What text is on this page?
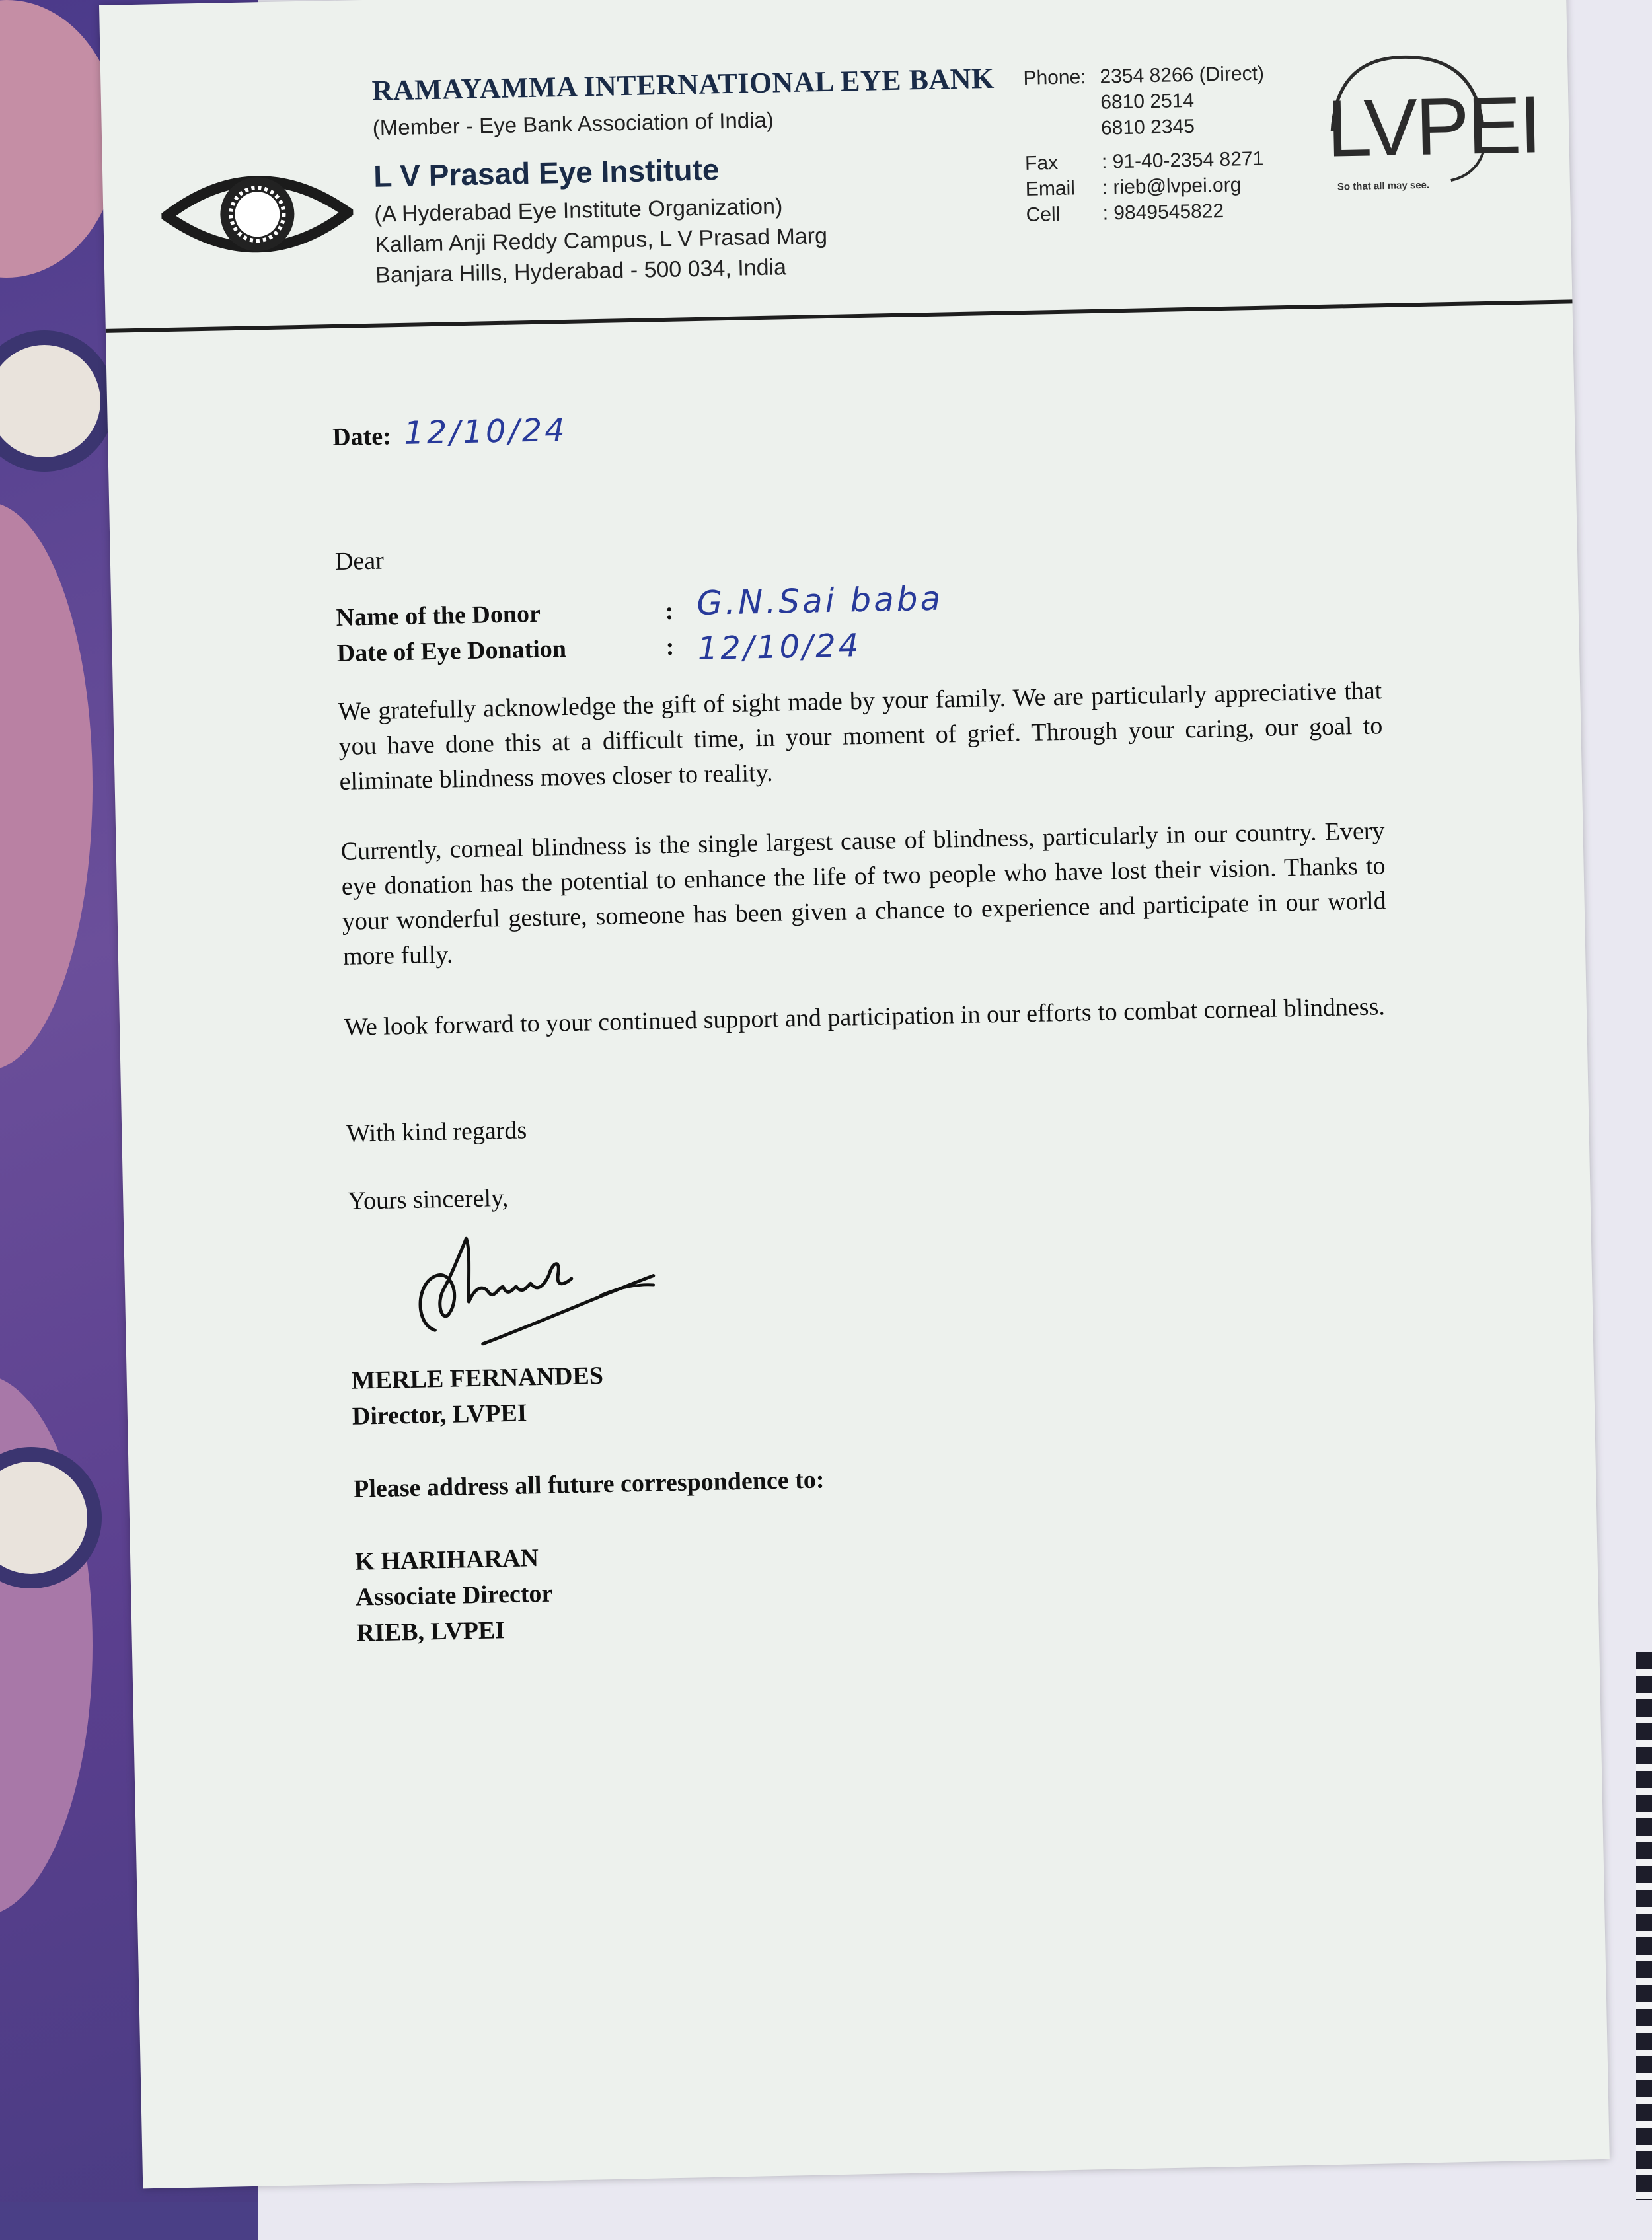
RAMAYAMMA INTERNATIONAL EYE BANK
(Member - Eye Bank Association of India)
L V Prasad Eye Institute
(A Hyderabad Eye Institute Organization)
Kallam Anji Reddy Campus, L V Prasad Marg
Banjara Hills, Hyderabad - 500 034, India
Phone: 2354 8266 (Direct)
6810 2514
6810 2345
Fax	: 91-40-2354 8271
Email	: rieb@lvpei.org
Cell	: 9849545822
LVPEI
So that all may see.
Date: 12/10/24
Dear
Name of the Donor	: G.N.Sai baba
Date of Eye Donation	: 12/10/24
We gratefully acknowledge the gift of sight made by your family. We are particularly appreciative that you have done this at a difficult time, in your moment of grief. Through your caring, our goal to eliminate blindness moves closer to reality.
Currently, corneal blindness is the single largest cause of blindness, particularly in our country. Every eye donation has the potential to enhance the life of two people who have lost their vision. Thanks to your wonderful gesture, someone has been given a chance to experience and participate in our world more fully.
We look forward to your continued support and participation in our efforts to combat corneal blindness.
With kind regards
Yours sincerely,
MERLE FERNANDES
Director, LVPEI
Please address all future correspondence to:
K HARIHARAN
Associate Director
RIEB, LVPEI
